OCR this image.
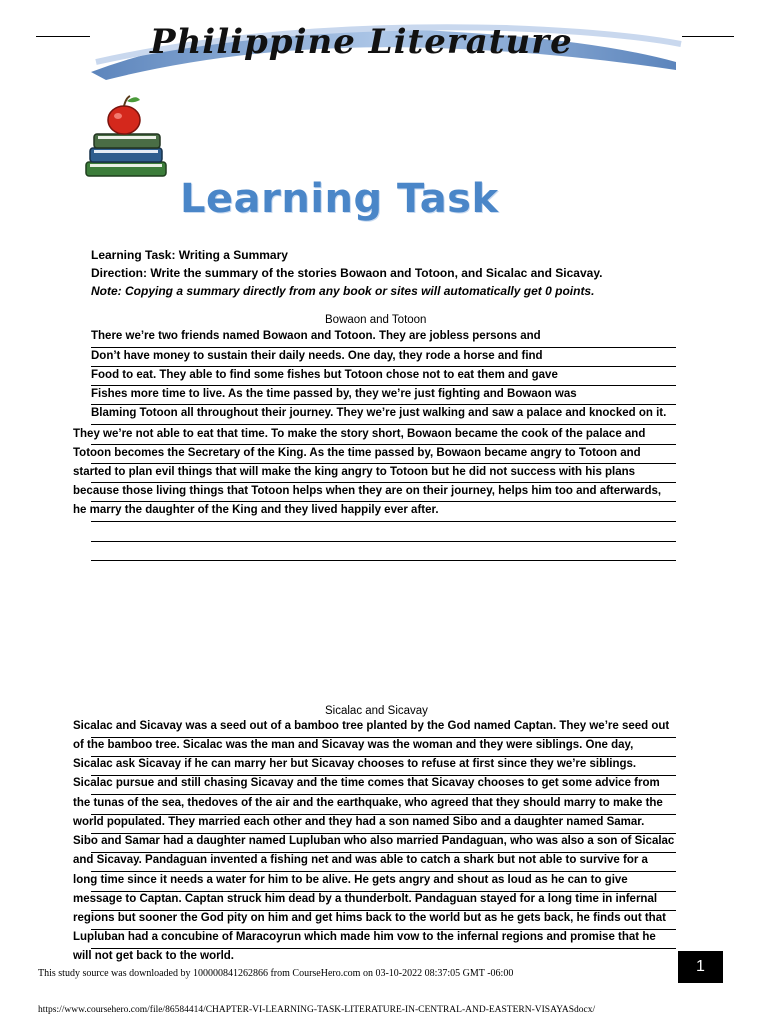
Philippine Literature
Learning Task
Learning Task: Writing a Summary
Direction: Write the summary of the stories Bowaon and Totoon, and Sicalac and Sicavay.
Note: Copying a summary directly from any book or sites will automatically get 0 points.
Bowaon and Totoon
There we’re two friends named Bowaon and Totoon. They are jobless persons and
Don’t have money to sustain their daily needs. One day, they rode a horse and find
Food to eat. They able to find some fishes but Totoon chose not to eat them and gave
Fishes more time to live. As the time passed by, they we’re just fighting and Bowaon was
Blaming Totoon all throughout their journey. They we’re just walking and saw a palace and knocked on it.
They we’re not able to eat that time. To make the story short, Bowaon became the cook of the palace and
Totoon becomes the Secretary of the King. As the time passed by, Bowaon became angry to Totoon and
started to plan evil things that will make the king angry to Totoon but he did not success with his plans
because those living things that Totoon helps when they are on their journey, helps him too and afterwards,
he marry the daughter of the King and they lived happily ever after.
Sicalac and Sicavay
Sicalac and Sicavay was a seed out of a bamboo tree planted by the God named Captan. They we’re seed out
of the bamboo tree. Sicalac was the man and Sicavay was the woman and they were siblings. One day,
Sicalac ask Sicavay if he can marry her but Sicavay chooses to refuse at first since they we’re siblings.
Sicalac pursue and still chasing Sicavay and the time comes that Sicavay chooses to get some advice from
the tunas of the sea, thedoves of the air and the earthquake, who agreed that they should marry to make the
world populated. They married each other and they had a son named Sibo and a daughter named Samar.
Sibo and Samar had a daughter named Lupluban who also married Pandaguan, who was also a son of Sicalac
and Sicavay. Pandaguan invented a fishing net and was able to catch a shark but not able to survive for a
long time since it needs a water for him to be alive. He gets angry and shout as loud as he can to give
message to Captan. Captan struck him dead by a thunderbolt. Pandaguan stayed for a long time in infernal
regions but sooner the God pity on him and get hims back to the world but as he gets back, he finds out that
Lupluban had a concubine of Maracoyrun which made him vow to the infernal regions and promise that he
will not get back to the world.
This study source was downloaded by 100000841262866 from CourseHero.com on 03-10-2022 08:37:05 GMT -06:00	1
https://www.coursehero.com/file/86584414/CHAPTER-VI-LEARNING-TASK-LITERATURE-IN-CENTRAL-AND-EASTERN-VISAYASdocx/
